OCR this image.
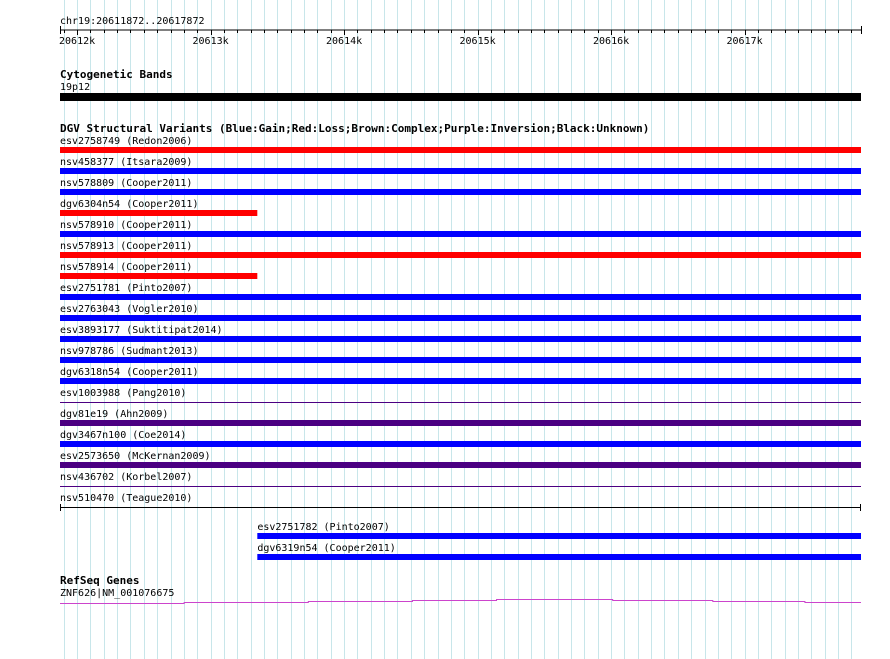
chr19:20611872..20617872
20612k	20613k	20614k	20615k	20616k	20617k
Cytogenetic Bands
19p12
DGV Structural Variants (Blue:Gain;Red:Loss;Brown:Complex;Purple:Inversion;Black:Unknown)
esv2758749 (Redon2006)
nsv458377 (Itsara2009)
nsv578809 (Cooper2011)
dgv6304n54 (Cooper2011)
nsv578910 (Cooper2011)
nsv578913 (Cooper2011)
nsv578914 (Cooper2011)
esv2751781 (Pinto2007)
esv2763043 (Vogler2010)
esv3893177 (Suktitipat2014)
nsv978786 (Sudmant2013)
dgv6318n54 (Cooper2011)
esv1003988 (Pang2010)
dgv81e19 (Ahn2009)
dgv3467n100 (Coe2014)
esv2573650 (McKernan2009)
nsv436702 (Korbel2007)
nsv510470 (Teague2010)
esv2751782 (Pinto2007)
dgv6319n54 (Cooper2011)
RefSeq Genes
ZNF626|NM_001076675
